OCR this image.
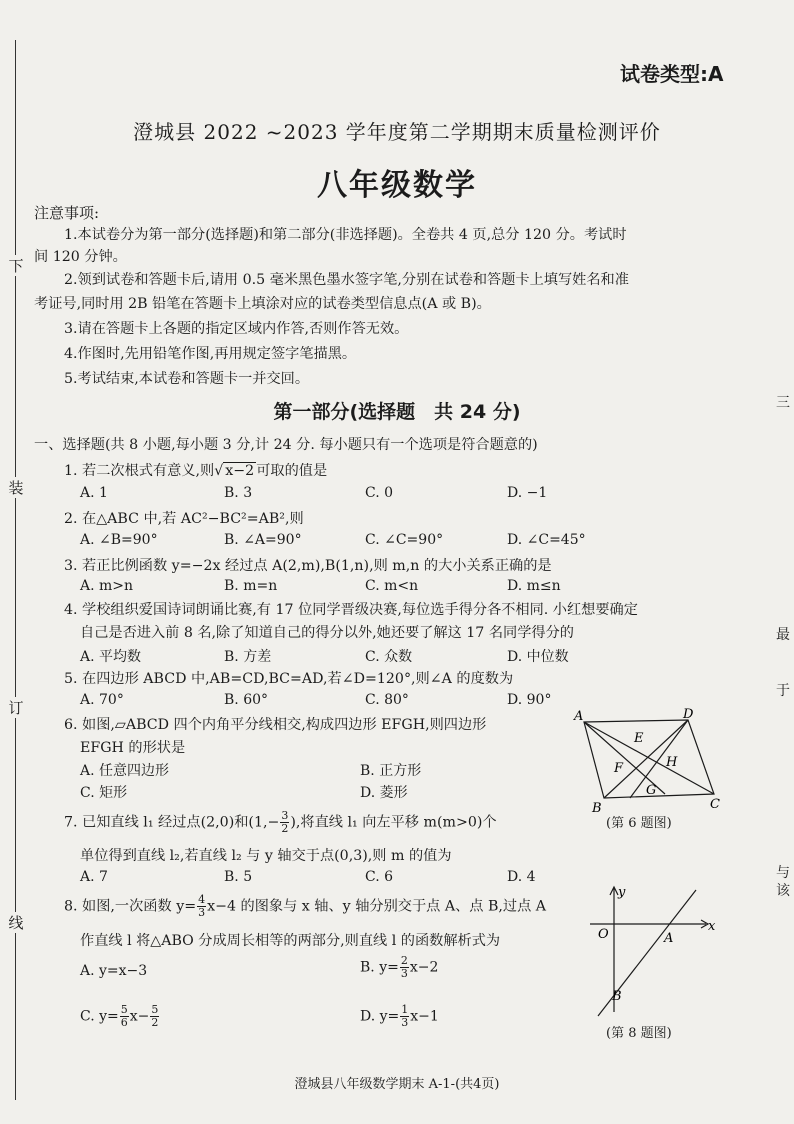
下
装
订
线
三
最
于
与
该
试卷类型:A
澄城县 2022 ~2023 学年度第二学期期末质量检测评价
八年级数学
注意事项:
1.本试卷分为第一部分(选择题)和第二部分(非选择题)。全卷共 4 页,总分 120 分。考试时
间 120 分钟。
2.领到试卷和答题卡后,请用 0.5 毫米黑色墨水签字笔,分别在试卷和答题卡上填写姓名和准
考证号,同时用 2B 铅笔在答题卡上填涂对应的试卷类型信息点(A 或 B)。
3.请在答题卡上各题的指定区域内作答,否则作答无效。
4.作图时,先用铅笔作图,再用规定签字笔描黑。
5.考试结束,本试卷和答题卡一并交回。
第一部分(选择题　共 24 分)
一、选择题(共 8 小题,每小题 3 分,计 24 分. 每小题只有一个选项是符合题意的)
1. 若二次根式有意义,则√ x−2 可取的值是
A. 1	B. 3	C. 0	D. −1
2. 在△ABC 中,若 AC²−BC²=AB²,则
A. ∠B=90°	B. ∠A=90°	C. ∠C=90°	D. ∠C=45°
3. 若正比例函数 y=−2x 经过点 A(2,m),B(1,n),则 m,n 的大小关系正确的是
A. m>n	B. m=n	C. m<n	D. m≤n
4. 学校组织爱国诗词朗诵比赛,有 17 位同学晋级决赛,每位选手得分各不相同. 小红想要确定
自己是否进入前 8 名,除了知道自己的得分以外,她还要了解这 17 名同学得分的
A. 平均数	B. 方差	C. 众数	D. 中位数
5. 在四边形 ABCD 中,AB=CD,BC=AD,若∠D=120°,则∠A 的度数为
A. 70°	B. 60°	C. 80°	D. 90°
6. 如图,▱ABCD 四个内角平分线相交,构成四边形 EFGH,则四边形
EFGH 的形状是
A. 任意四边形	B. 正方形
C. 矩形	D. 菱形
A	D
E
F	H
G
B	C
(第 6 题图)
7. 已知直线 l₁ 经过点(2,0)和($1,- \frac{3}{2}$ ),将直线 l₁ 向左平移 m(m>0)个
单位得到直线 l₂,若直线 l₂ 与 y 轴交于点(0,3),则 m 的值为
A. 7	B. 5	C. 6	D. 4
8. 如图,一次函数 $y= \frac{4}{3} x-4$ 的图象与 x 轴、y 轴分别交于点 A、点 B,过点 A
作直线 l 将△ABO 分成周长相等的两部分,则直线 l 的函数解析式为
A. y=x−3	B. $y= \frac{2}{3} x-2$
C. $y= \frac{5}{6} x- \frac{5}{2}$	D. $y= \frac{1}{3} x-1$
y
x
O	A
B
(第 8 题图)
澄城县八年级数学期末 A-1-(共4页)
